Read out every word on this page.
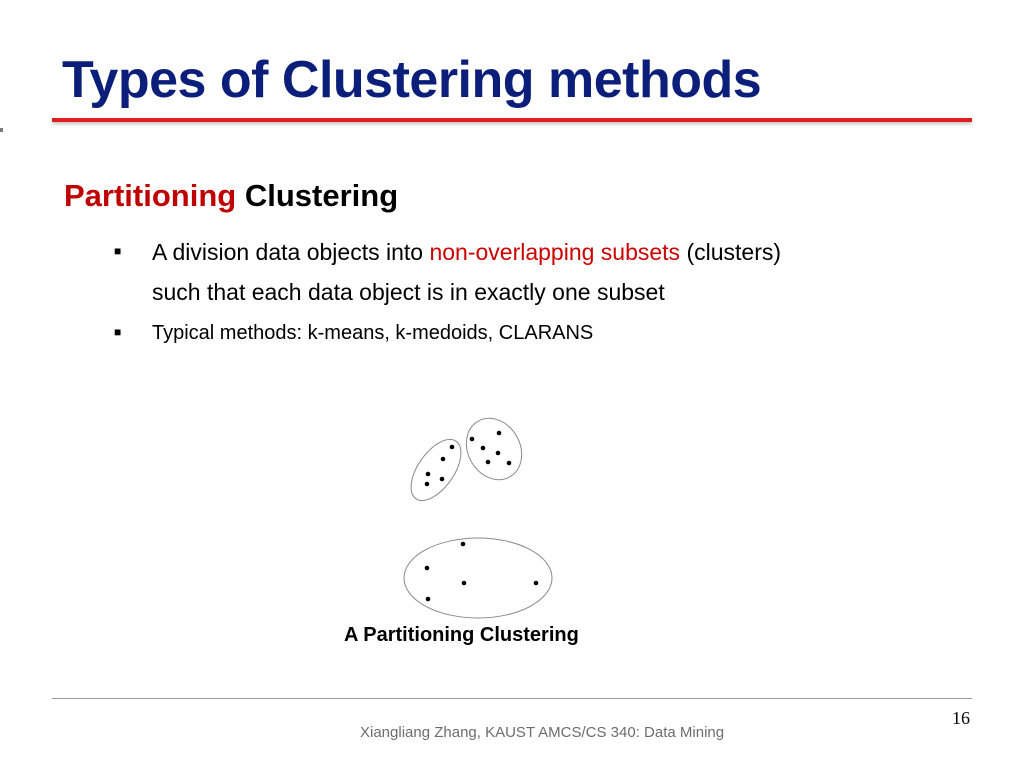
Types of Clustering methods
Partitioning Clustering
■ A division data objects into non-overlapping subsets (clusters)
such that each data object is in exactly one subset
■ Typical methods: k-means, k-medoids, CLARANS
A Partitioning Clustering
16
Xiangliang Zhang, KAUST AMCS/CS 340: Data Mining
